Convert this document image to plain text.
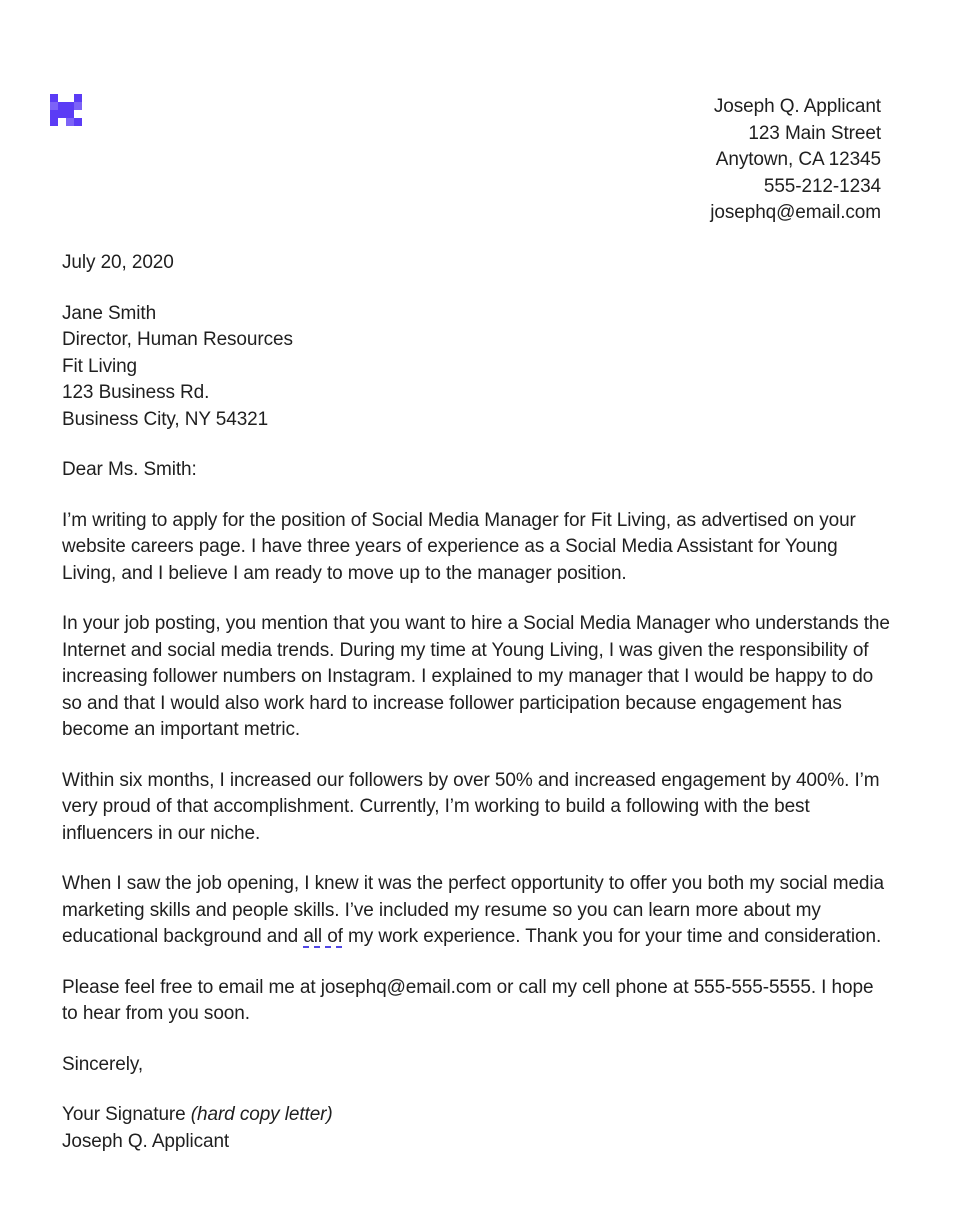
Joseph Q. Applicant
123 Main Street
Anytown, CA 12345
555-212-1234
josephq@email.com
July 20, 2020
Jane Smith
Director, Human Resources
Fit Living
123 Business Rd.
Business City, NY 54321
Dear Ms. Smith:

I’m writing to apply for the position of Social Media Manager for Fit Living, as advertised on your website careers page. I have three years of experience as a Social Media Assistant for Young Living, and I believe I am ready to move up to the manager position.

In your job posting, you mention that you want to hire a Social Media Manager who understands the Internet and social media trends. During my time at Young Living, I was given the responsibility of increasing follower numbers on Instagram. I explained to my manager that I would be happy to do so and that I would also work hard to increase follower participation because engagement has become an important metric.

Within six months, I increased our followers by over 50% and increased engagement by 400%. I’m very proud of that accomplishment. Currently, I’m working to build a following with the best influencers in our niche.

When I saw the job opening, I knew it was the perfect opportunity to offer you both my social media marketing skills and people skills. I’ve included my resume so you can learn more about my educational background and all of my work experience. Thank you for your time and consideration.

Please feel free to email me at josephq@email.com or call my cell phone at 555-555-5555. I hope to hear from you soon.

Sincerely,
Your Signature (hard copy letter)
Joseph Q. Applicant
